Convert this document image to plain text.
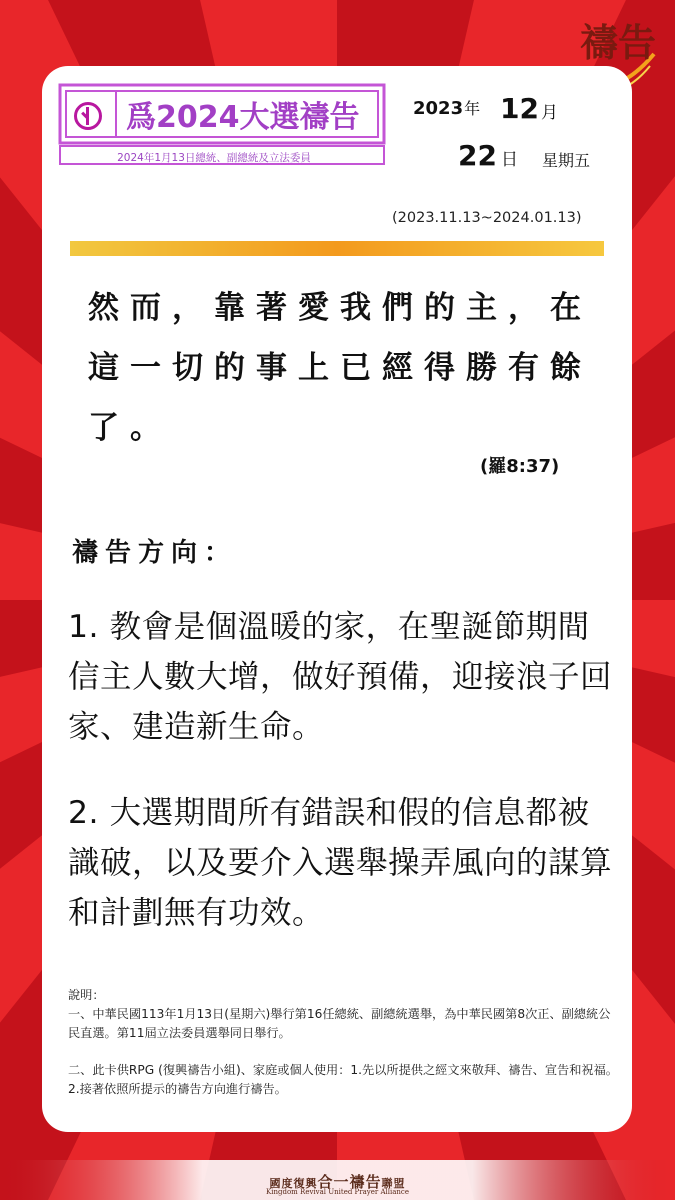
禱告
爲2024大選禱告
2024年1月13日總統、副總統及立法委員
2023年 12 月
22 日 星期五
(2023.11.13~2024.01.13)
然而，靠著愛我們的主，在這一切的事上已經得勝有餘了。
(羅8:37)
禱告方向：
1. 教會是個溫暖的家，在聖誕節期間信主人數大增，做好預備，迎接浪子回家、建造新生命。
2. 大選期間所有錯誤和假的信息都被識破，以及要介入選舉操弄風向的謀算和計劃無有功效。

說明：

一、中華民國113年1月13日(星期六)舉行第16任總統、副總統選舉，為中華民國第8次正、副總統公民直選。第11屆立法委員選舉同日舉行。

二、此卡供RPG (復興禱告小組)、家庭或個人使用：1.先以所提供之經文來敬拜、禱告、宣告和祝福。2.接著依照所提示的禱告方向進行禱告。

國度復興合一禱告聯盟
Kingdom Revival United Prayer Alliance
